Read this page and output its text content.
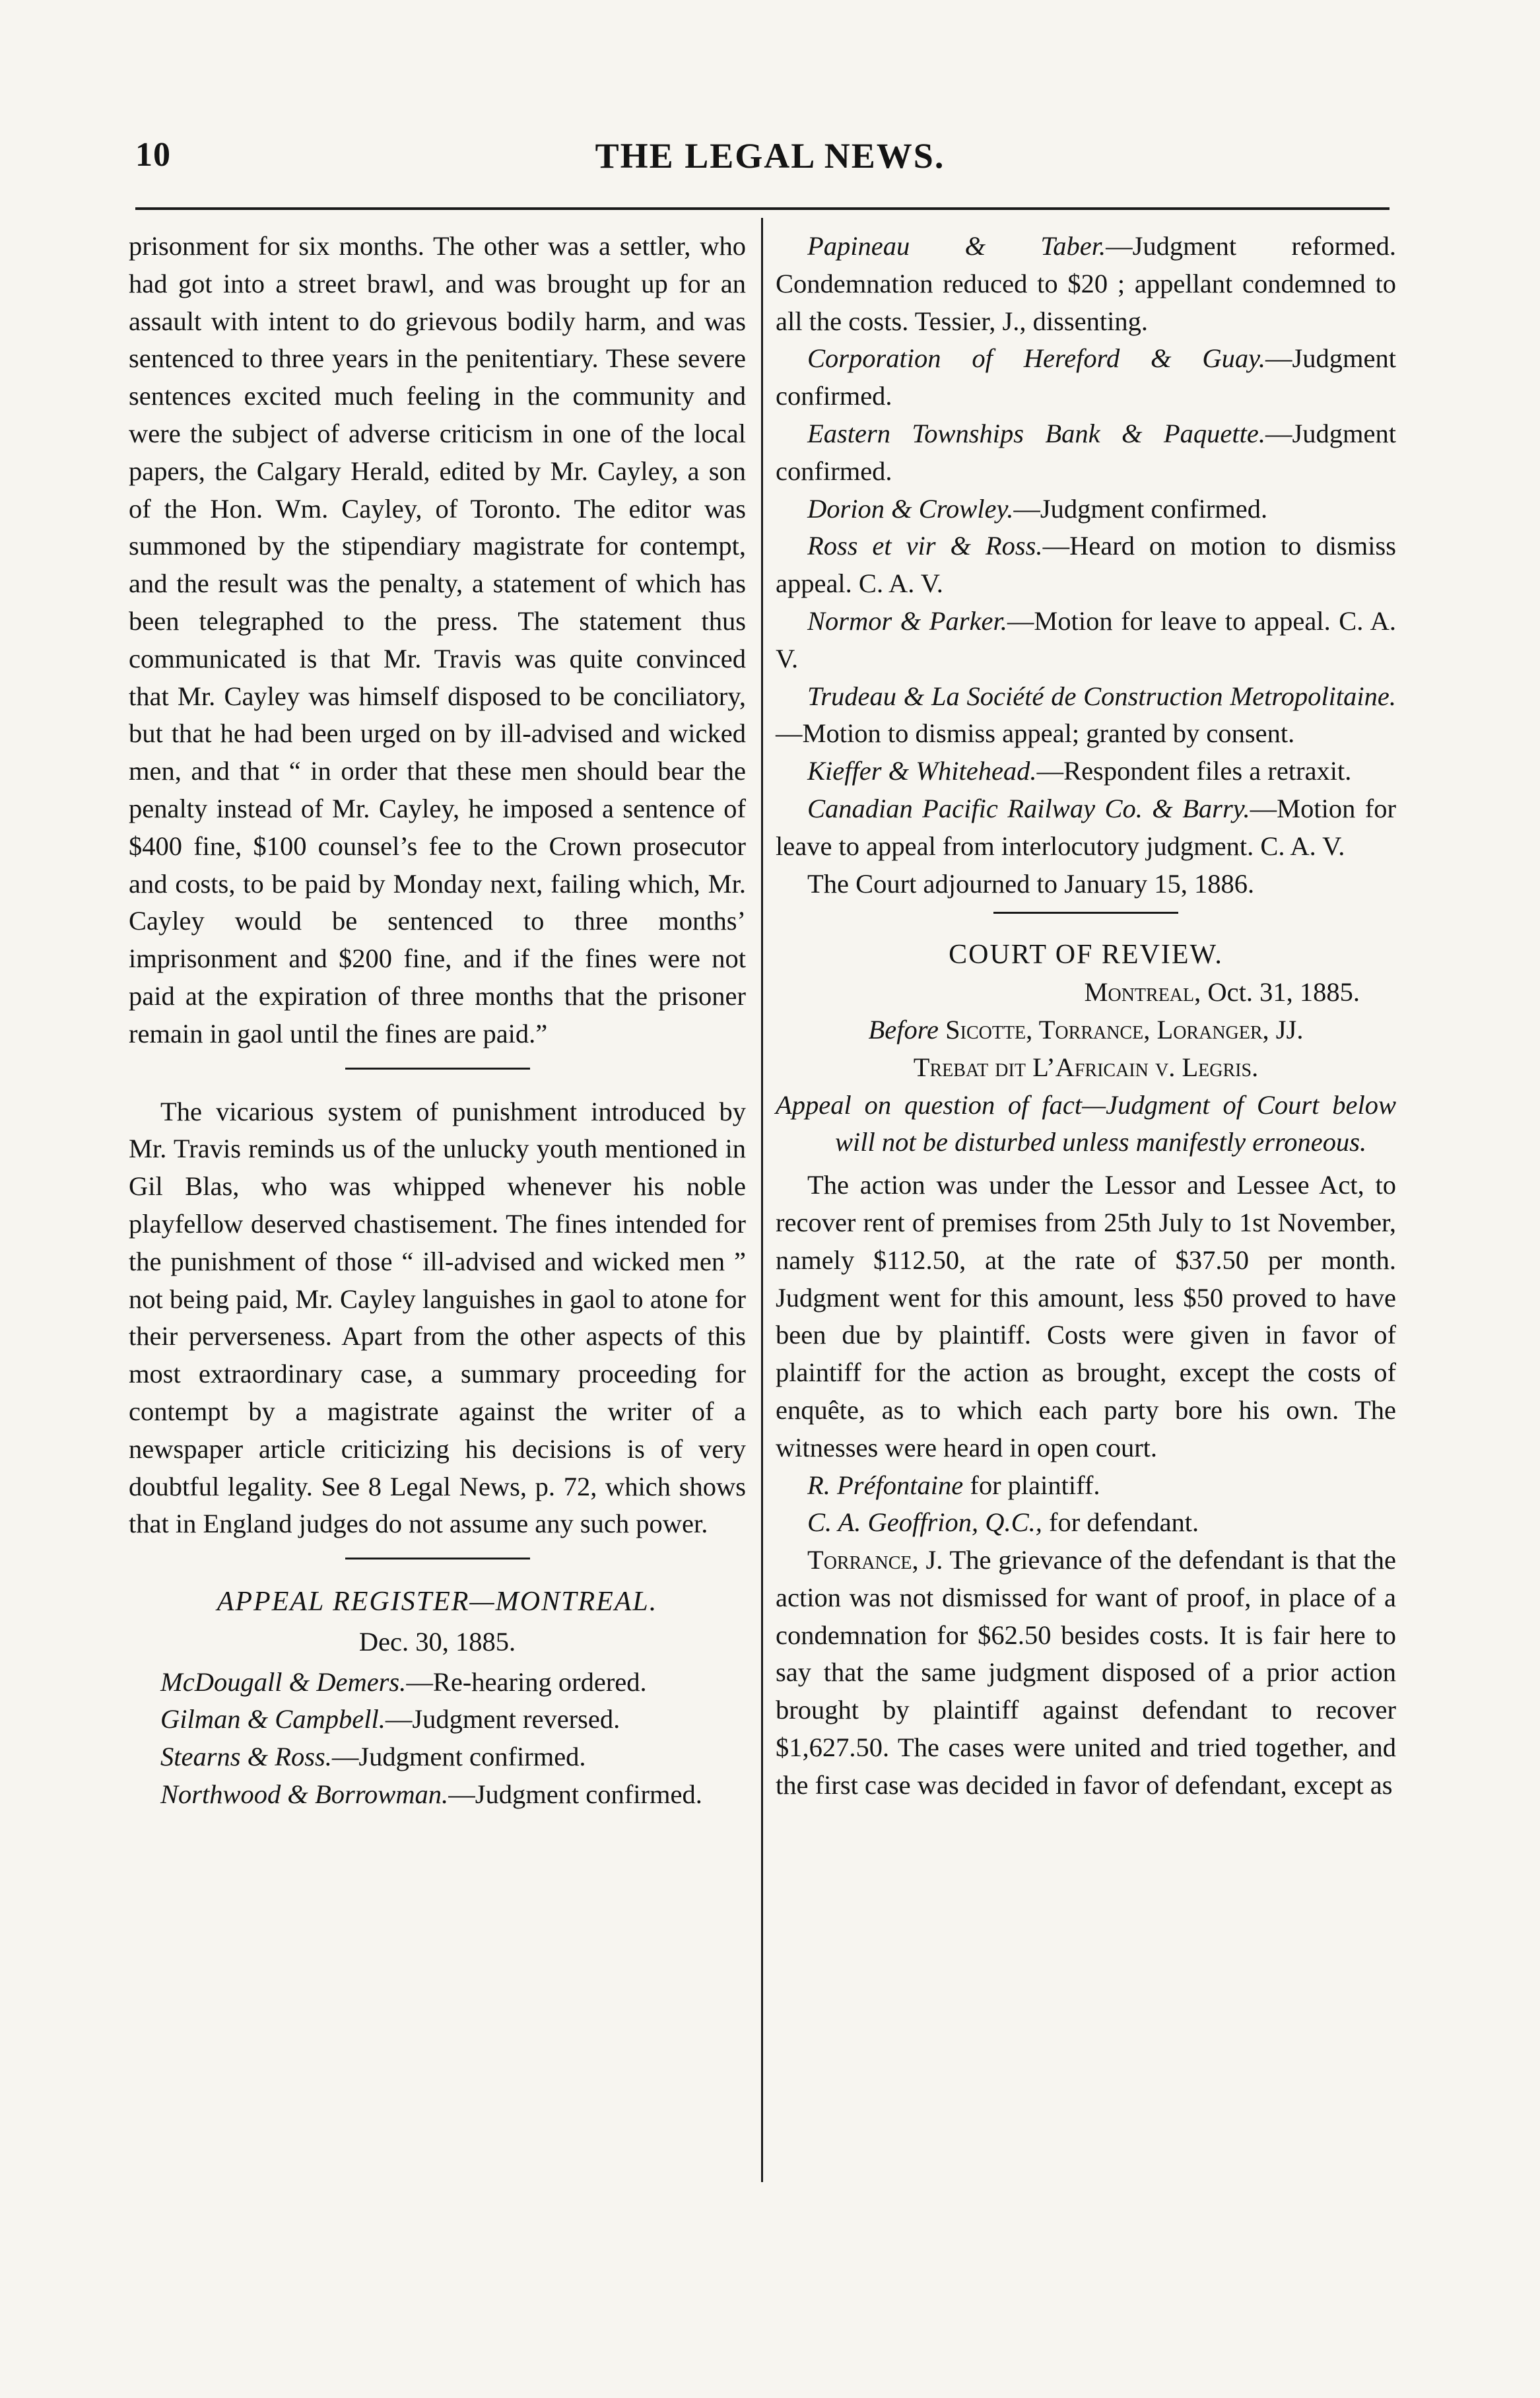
10	THE LEGAL NEWS.

prisonment for six months. The other was a settler, who had got into a street brawl, and was brought up for an assault with intent to do grievous bodily harm, and was sentenced to three years in the penitentiary. These severe sentences excited much feeling in the community and were the subject of adverse criticism in one of the local papers, the Calgary Herald, edited by Mr. Cayley, a son of the Hon. Wm. Cayley, of Toronto. The editor was summoned by the stipendiary magistrate for contempt, and the result was the penalty, a statement of which has been telegraphed to the press. The statement thus communicated is that Mr. Travis was quite convinced that Mr. Cayley was himself disposed to be conciliatory, but that he had been urged on by ill-advised and wicked men, and that “ in order that these men should bear the penalty instead of Mr. Cayley, he imposed a sentence of $400 fine, $100 counsel’s fee to the Crown prosecutor and costs, to be paid by Monday next, failing which, Mr. Cayley would be sentenced to three months’ imprisonment and $200 fine, and if the fines were not paid at the expiration of three months that the prisoner remain in gaol until the fines are paid.”

The vicarious system of punishment introduced by Mr. Travis reminds us of the unlucky youth mentioned in Gil Blas, who was whipped whenever his noble playfellow deserved chastisement. The fines intended for the punishment of those “ ill-advised and wicked men ” not being paid, Mr. Cayley languishes in gaol to atone for their perverseness. Apart from the other aspects of this most extraordinary case, a summary proceeding for contempt by a magistrate against the writer of a newspaper article criticizing his decisions is of very doubtful legality. See 8 Legal News, p. 72, which shows that in England judges do not assume any such power.

APPEAL REGISTER—MONTREAL.
Dec. 30, 1885.

McDougall & Demers.—Re-hearing ordered.

Gilman & Campbell.—Judgment reversed.

Stearns & Ross.—Judgment confirmed.

Northwood & Borrowman.—Judgment confirmed.

Papineau & Taber.—Judgment reformed. Condemnation reduced to $20 ; appellant condemned to all the costs. Tessier, J., dissenting.

Corporation of Hereford & Guay.—Judgment confirmed.

Eastern Townships Bank & Paquette.—Judgment confirmed.

Dorion & Crowley.—Judgment confirmed.

Ross et vir & Ross.—Heard on motion to dismiss appeal. C. A. V.

Normor & Parker.—Motion for leave to appeal. C. A. V.

Trudeau & La Société de Construction Metropolitaine.—Motion to dismiss appeal; granted by consent.

Kieffer & Whitehead.—Respondent files a retraxit.

Canadian Pacific Railway Co. & Barry.—Motion for leave to appeal from interlocutory judgment. C. A. V.

The Court adjourned to January 15, 1886.

COURT OF REVIEW.
Montreal, Oct. 31, 1885.
Before Sicotte, Torrance, Loranger, JJ.
Trebat dit L’Africain v. Legris.

Appeal on question of fact—Judgment of Court below will not be disturbed unless manifestly erroneous.

The action was under the Lessor and Lessee Act, to recover rent of premises from 25th July to 1st November, namely $112.50, at the rate of $37.50 per month. Judgment went for this amount, less $50 proved to have been due by plaintiff. Costs were given in favor of plaintiff for the action as brought, except the costs of enquête, as to which each party bore his own. The witnesses were heard in open court.

R. Préfontaine for plaintiff.

C. A. Geoffrion, Q.C., for defendant.

Torrance, J. The grievance of the defendant is that the action was not dismissed for want of proof, in place of a condemnation for $62.50 besides costs. It is fair here to say that the same judgment disposed of a prior action brought by plaintiff against defendant to recover $1,627.50. The cases were united and tried together, and the first case was decided in favor of defendant, except as
